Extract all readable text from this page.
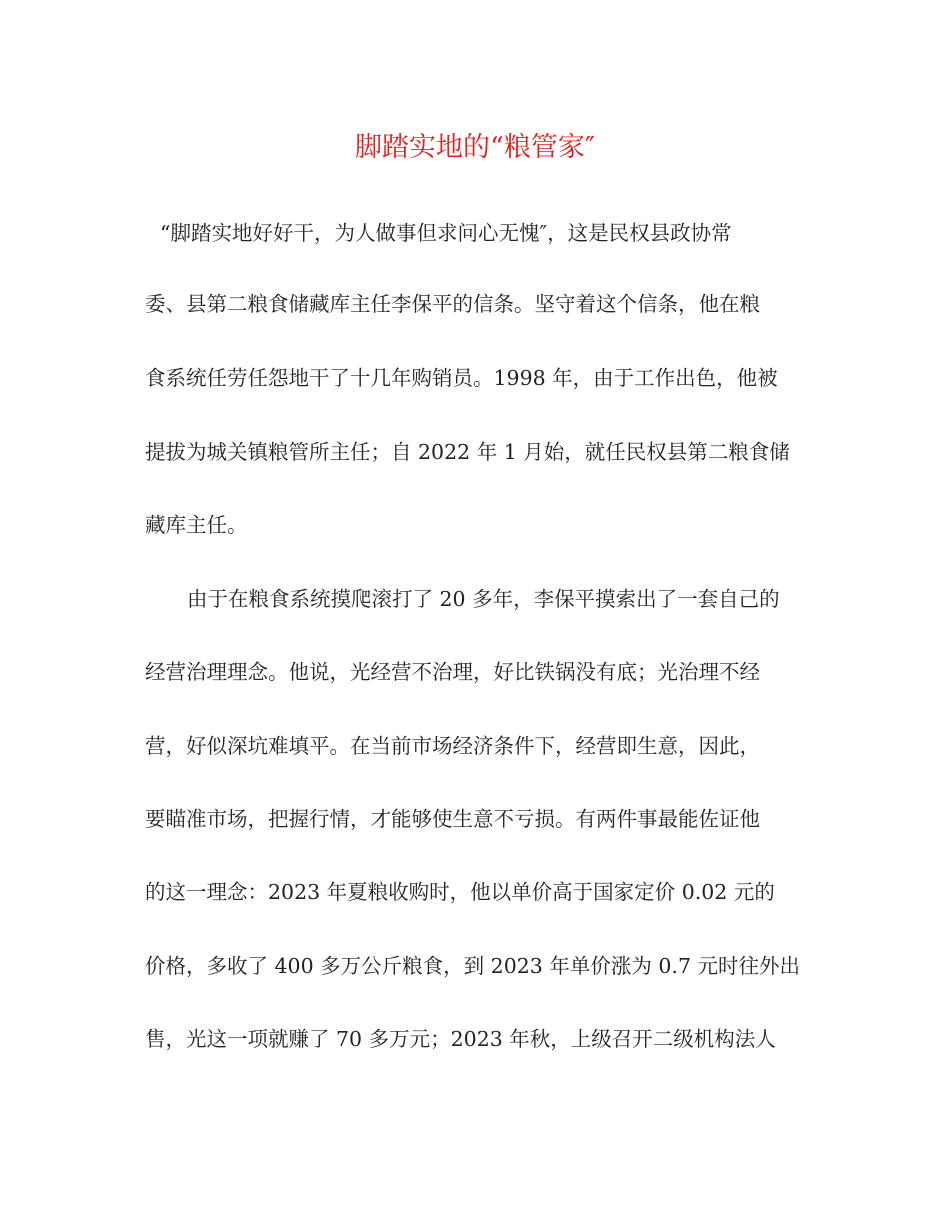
脚踏实地的“粮管家″

“脚踏实地好好干，为人做事但求问心无愧″，这是民权县政协常

委、县第二粮食储藏库主任李保平的信条。坚守着这个信条，他在粮

食系统任劳任怨地干了十几年购销员。1998 年，由于工作出色，他被

提拔为城关镇粮管所主任；自 2022 年 1 月始，就任民权县第二粮食储

藏库主任。

由于在粮食系统摸爬滚打了 20 多年，李保平摸索出了一套自己的

经营治理理念。他说，光经营不治理，好比铁锅没有底；光治理不经

营，好似深坑难填平。在当前市场经济条件下，经营即生意，因此，

要瞄准市场，把握行情，才能够使生意不亏损。有两件事最能佐证他

的这一理念：2023 年夏粮收购时，他以单价高于国家定价 0.02 元的

价格，多收了 400 多万公斤粮食，到 2023 年单价涨为 0.7 元时往外出

售，光这一项就赚了 70 多万元；2023 年秋，上级召开二级机构法人
